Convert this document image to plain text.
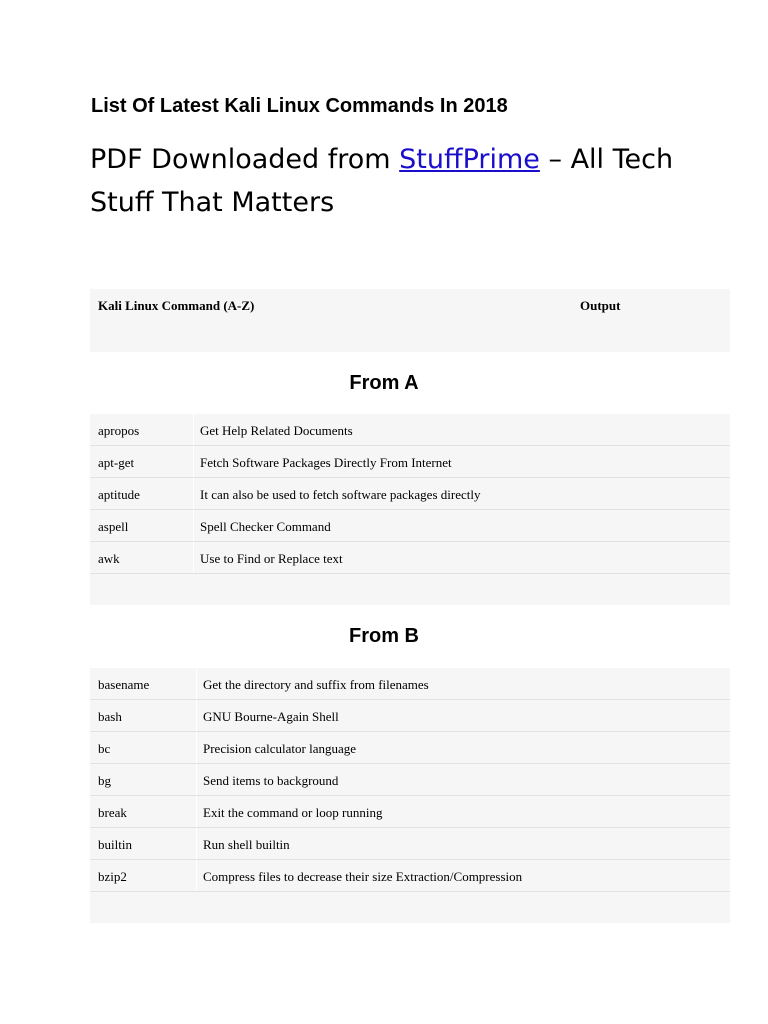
List Of Latest Kali Linux Commands In 2018

PDF Downloaded from StuffPrime – All Tech Stuff That Matters

Kali Linux Command (A-Z)	Output
From A
apropos	Get Help Related Documents
apt-get	Fetch Software Packages Directly From Internet
aptitude	It can also be used to fetch software packages directly
aspell	Spell Checker Command
awk	Use to Find or Replace text
From B
basename	Get the directory and suffix from filenames
bash	GNU Bourne-Again Shell
bc	Precision calculator language
bg	Send items to background
break	Exit the command or loop running
builtin	Run shell builtin
bzip2	Compress files to decrease their size Extraction/Compression
